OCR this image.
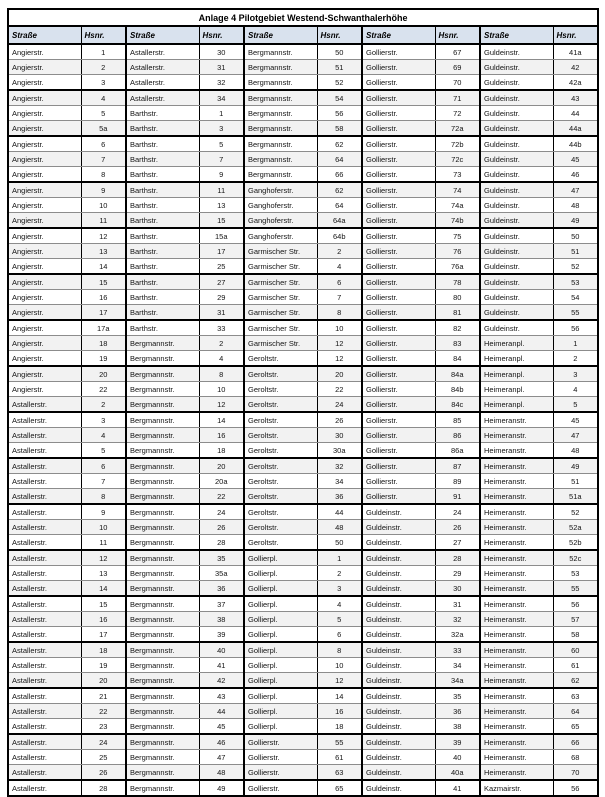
Anlage 4 Pilotgebiet Westend-Schwanthalerhöhe									
Straße	Hsnr.	Straße	Hsnr.	Straße	Hsnr.	Straße	Hsnr.	Straße	Hsnr.
Angierstr.	1	Astallerstr.	30	Bergmannstr.	50	Gollierstr.	67	Guldeinstr.	41a
Angierstr.	2	Astallerstr.	31	Bergmannstr.	51	Gollierstr.	69	Guldeinstr.	42
Angierstr.	3	Astallerstr.	32	Bergmannstr.	52	Gollierstr.	70	Guldeinstr.	42a
Angierstr.	4	Astallerstr.	34	Bergmannstr.	54	Gollierstr.	71	Guldeinstr.	43
Angierstr.	5	Barthstr.	1	Bergmannstr.	56	Gollierstr.	72	Guldeinstr.	44
Angierstr.	5a	Barthstr.	3	Bergmannstr.	58	Gollierstr.	72a	Guldeinstr.	44a
Angierstr.	6	Barthstr.	5	Bergmannstr.	62	Gollierstr.	72b	Guldeinstr.	44b
Angierstr.	7	Barthstr.	7	Bergmannstr.	64	Gollierstr.	72c	Guldeinstr.	45
Angierstr.	8	Barthstr.	9	Bergmannstr.	66	Gollierstr.	73	Guldeinstr.	46
Angierstr.	9	Barthstr.	11	Ganghoferstr.	62	Gollierstr.	74	Guldeinstr.	47
Angierstr.	10	Barthstr.	13	Ganghoferstr.	64	Gollierstr.	74a	Guldeinstr.	48
Angierstr.	11	Barthstr.	15	Ganghoferstr.	64a	Gollierstr.	74b	Guldeinstr.	49
Angierstr.	12	Barthstr.	15a	Ganghoferstr.	64b	Gollierstr.	75	Guldeinstr.	50
Angierstr.	13	Barthstr.	17	Garmischer Str.	2	Gollierstr.	76	Guldeinstr.	51
Angierstr.	14	Barthstr.	25	Garmischer Str.	4	Gollierstr.	76a	Guldeinstr.	52
Angierstr.	15	Barthstr.	27	Garmischer Str.	6	Gollierstr.	78	Guldeinstr.	53
Angierstr.	16	Barthstr.	29	Garmischer Str.	7	Gollierstr.	80	Guldeinstr.	54
Angierstr.	17	Barthstr.	31	Garmischer Str.	8	Gollierstr.	81	Guldeinstr.	55
Angierstr.	17a	Barthstr.	33	Garmischer Str.	10	Gollierstr.	82	Guldeinstr.	56
Angierstr.	18	Bergmannstr.	2	Garmischer Str.	12	Gollierstr.	83	Heimeranpl.	1
Angierstr.	19	Bergmannstr.	4	Geroltstr.	12	Gollierstr.	84	Heimeranpl.	2
Angierstr.	20	Bergmannstr.	8	Geroltstr.	20	Gollierstr.	84a	Heimeranpl.	3
Angierstr.	22	Bergmannstr.	10	Geroltstr.	22	Gollierstr.	84b	Heimeranpl.	4
Astallerstr.	2	Bergmannstr.	12	Geroltstr.	24	Gollierstr.	84c	Heimeranpl.	5
Astallerstr.	3	Bergmannstr.	14	Geroltstr.	26	Gollierstr.	85	Heimeranstr.	45
Astallerstr.	4	Bergmannstr.	16	Geroltstr.	30	Gollierstr.	86	Heimeranstr.	47
Astallerstr.	5	Bergmannstr.	18	Geroltstr.	30a	Gollierstr.	86a	Heimeranstr.	48
Astallerstr.	6	Bergmannstr.	20	Geroltstr.	32	Gollierstr.	87	Heimeranstr.	49
Astallerstr.	7	Bergmannstr.	20a	Geroltstr.	34	Gollierstr.	89	Heimeranstr.	51
Astallerstr.	8	Bergmannstr.	22	Geroltstr.	36	Gollierstr.	91	Heimeranstr.	51a
Astallerstr.	9	Bergmannstr.	24	Geroltstr.	44	Guldeinstr.	24	Heimeranstr.	52
Astallerstr.	10	Bergmannstr.	26	Geroltstr.	48	Guldeinstr.	26	Heimeranstr.	52a
Astallerstr.	11	Bergmannstr.	28	Geroltstr.	50	Guldeinstr.	27	Heimeranstr.	52b
Astallerstr.	12	Bergmannstr.	35	Gollierpl.	1	Guldeinstr.	28	Heimeranstr.	52c
Astallerstr.	13	Bergmannstr.	35a	Gollierpl.	2	Guldeinstr.	29	Heimeranstr.	53
Astallerstr.	14	Bergmannstr.	36	Gollierpl.	3	Guldeinstr.	30	Heimeranstr.	55
Astallerstr.	15	Bergmannstr.	37	Gollierpl.	4	Guldeinstr.	31	Heimeranstr.	56
Astallerstr.	16	Bergmannstr.	38	Gollierpl.	5	Guldeinstr.	32	Heimeranstr.	57
Astallerstr.	17	Bergmannstr.	39	Gollierpl.	6	Guldeinstr.	32a	Heimeranstr.	58
Astallerstr.	18	Bergmannstr.	40	Gollierpl.	8	Guldeinstr.	33	Heimeranstr.	60
Astallerstr.	19	Bergmannstr.	41	Gollierpl.	10	Guldeinstr.	34	Heimeranstr.	61
Astallerstr.	20	Bergmannstr.	42	Gollierpl.	12	Guldeinstr.	34a	Heimeranstr.	62
Astallerstr.	21	Bergmannstr.	43	Gollierpl.	14	Guldeinstr.	35	Heimeranstr.	63
Astallerstr.	22	Bergmannstr.	44	Gollierpl.	16	Guldeinstr.	36	Heimeranstr.	64
Astallerstr.	23	Bergmannstr.	45	Gollierpl.	18	Guldeinstr.	38	Heimeranstr.	65
Astallerstr.	24	Bergmannstr.	46	Gollierstr.	55	Guldeinstr.	39	Heimeranstr.	66
Astallerstr.	25	Bergmannstr.	47	Gollierstr.	61	Guldeinstr.	40	Heimeranstr.	68
Astallerstr.	26	Bergmannstr.	48	Gollierstr.	63	Guldeinstr.	40a	Heimeranstr.	70
Astallerstr.	28	Bergmannstr.	49	Gollierstr.	65	Guldeinstr.	41	Kazmairstr.	56
